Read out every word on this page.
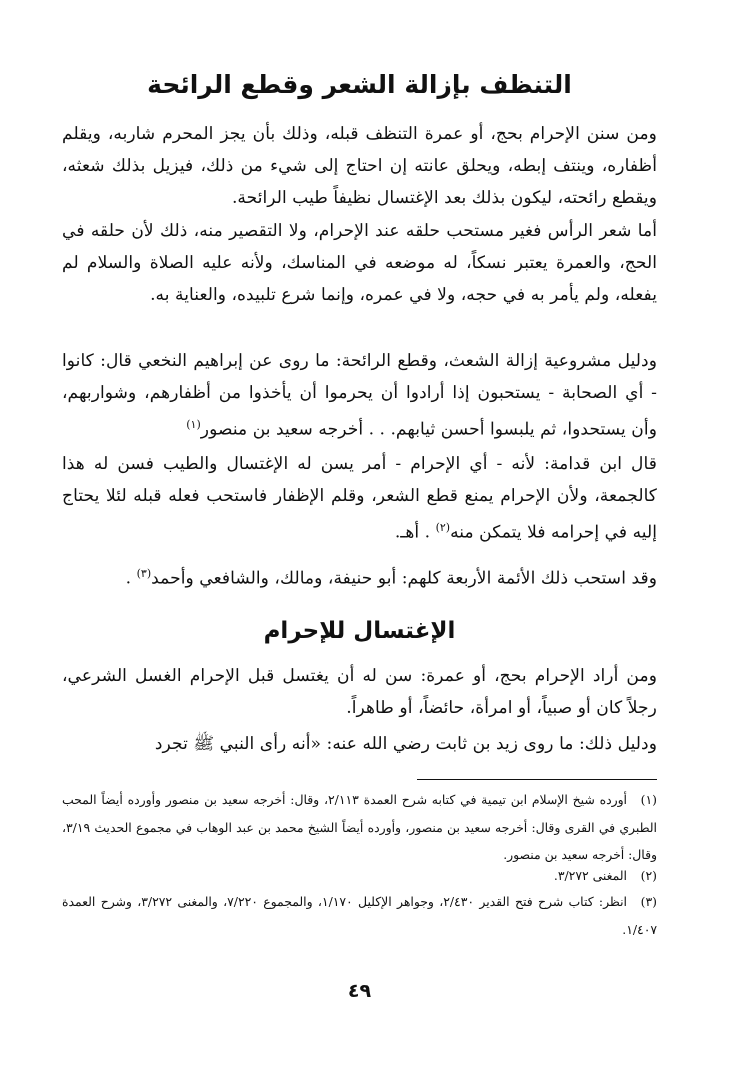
التنظف بإزالة الشعر وقطع الرائحة

ومن سنن الإحرام بحج، أو عمرة التنظف قبله، وذلك بأن يجز المحرم شاربه، ويقلم أظفاره، وينتف إبطه، ويحلق عانته إن احتاج إلى شيء من ذلك، فيزيل بذلك شعثه، ويقطع رائحته، ليكون بذلك بعد الإغتسال نظيفاً طيب الرائحة.

أما شعر الرأس فغير مستحب حلقه عند الإحرام، ولا التقصير منه، ذلك لأن حلقه في الحج، والعمرة يعتبر نسكاً، له موضعه في المناسك، ولأنه عليه الصلاة والسلام لم يفعله، ولم يأمر به في حجه، ولا في عمره، وإنما شرع تلبيده، والعناية به.

ودليل مشروعية إزالة الشعث، وقطع الرائحة: ما روى عن إبراهيم النخعي قال: كانوا - أي الصحابة - يستحبون إذا أرادوا أن يحرموا أن يأخذوا من أظفارهم، وشواربهم، وأن يستحدوا، ثم يلبسوا أحسن ثيابهم. . . أخرجه سعيد بن منصور$^{(١)}$

قال ابن قدامة: لأنه - أي الإحرام - أمر يسن له الإغتسال والطيب فسن له هذا كالجمعة، ولأن الإحرام يمنع قطع الشعر، وقلم الإظفار فاستحب فعله قبله لئلا يحتاج إليه في إحرامه فلا يتمكن منه$^{(٢)}$ . أهـ.

وقد استحب ذلك الأئمة الأربعة كلهم: أبو حنيفة، ومالك، والشافعي وأحمد$^{(٣)}$ .

الإغتسال للإحرام

ومن أراد الإحرام بحج، أو عمرة: سن له أن يغتسل قبل الإحرام الغسل الشرعي، رجلاً كان أو صبياً، أو امرأة، حائضاً، أو طاهراً.

ودليل ذلك: ما روى زيد بن ثابت رضي الله عنه: «أنه رأى النبي ﷺ تجرد

(١)أورده شيخ الإسلام ابن تيمية في كتابه شرح العمدة ٢/١١٣، وقال: أخرجه سعيد بن منصور وأورده أيضاً المحب الطبري في القرى وقال: أخرجه سعيد بن منصور، وأورده أيضاً الشيخ محمد بن عبد الوهاب في مجموع الحديث ٣/١٩، وقال: أخرجه سعيد بن منصور.

(٢)المغنى ٣/٢٧٢.

(٣)انظر: كتاب شرح فتح القدير ٢/٤٣٠، وجواهر الإكليل ١/١٧٠، والمجموع ٧/٢٢٠، والمغنى ٣/٢٧٢، وشرح العمدة ١/٤٠٧.

٤٩
